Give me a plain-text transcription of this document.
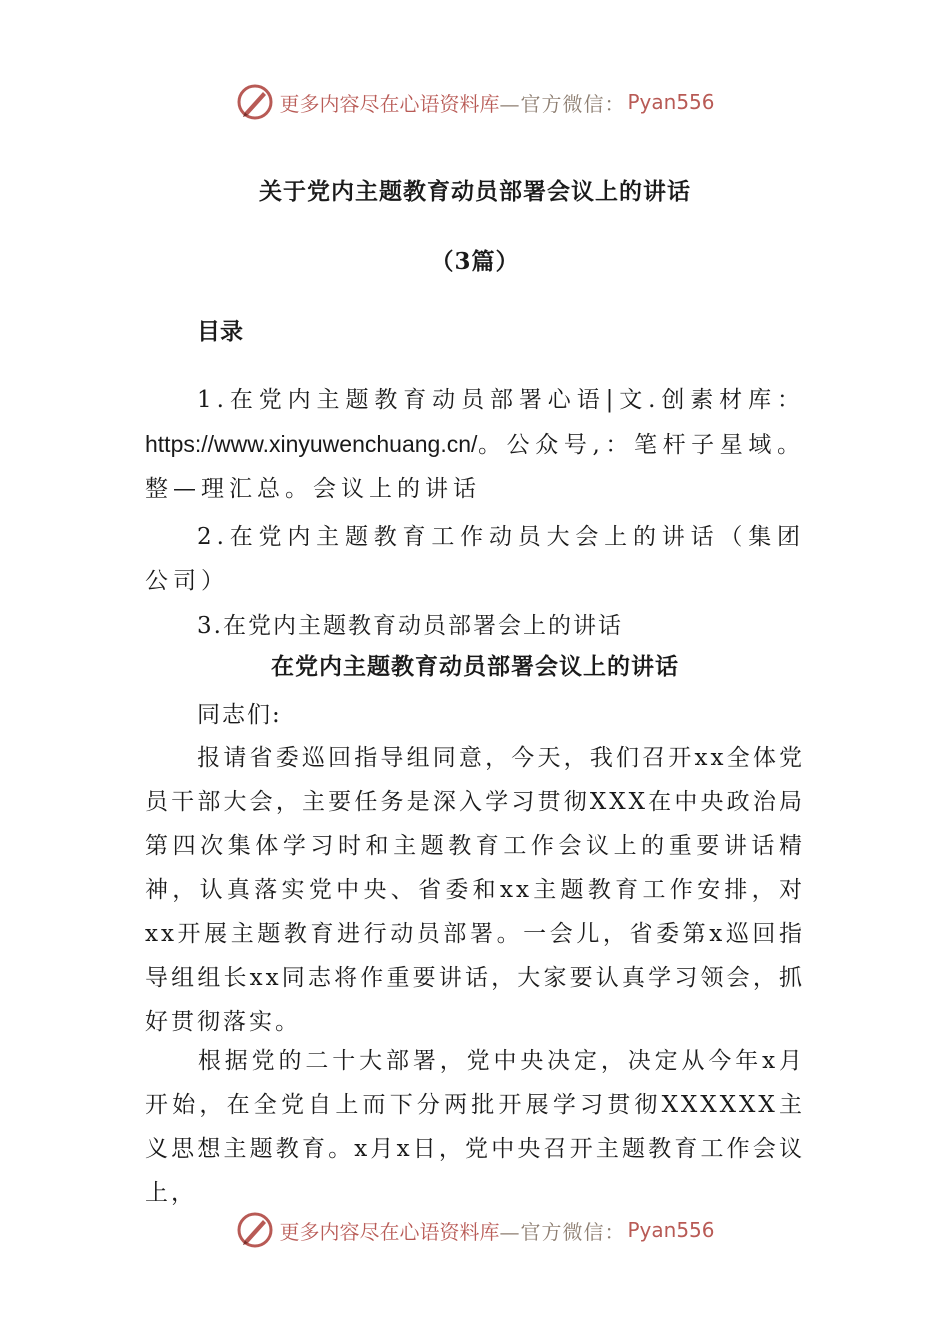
更多内容尽在心语资料库 —官方微信： Pyan556
关于党内主题教育动员部署会议上的讲话
（3篇）
目录
1.在党内主题教育动员部署心语|文.创素材库：https://www.xinyuwenchuang.cn/。公众号,：笔杆子星域。整—理汇总。会议上的讲话
2.在党内主题教育工作动员大会上的讲话（集团公司）
3.在党内主题教育动员部署会上的讲话
在党内主题教育动员部署会议上的讲话
同志们:
报请省委巡回指导组同意，今天，我们召开xx全体党员干部大会，主要任务是深入学习贯彻XXX在中央政治局第四次集体学习时和主题教育工作会议上的重要讲话精神，认真落实党中央、省委和xx主题教育工作安排，对xx开展主题教育进行动员部署。一会儿，省委第x巡回指导组组长xx同志将作重要讲话，大家要认真学习领会，抓好贯彻落实。
根据党的二十大部署，党中央决定，决定从今年x月开始，在全党自上而下分两批开展学习贯彻XXXXXX主义思想主题教育。x月x日，党中央召开主题教育工作会议上，
更多内容尽在心语资料库 —官方微信： Pyan556
